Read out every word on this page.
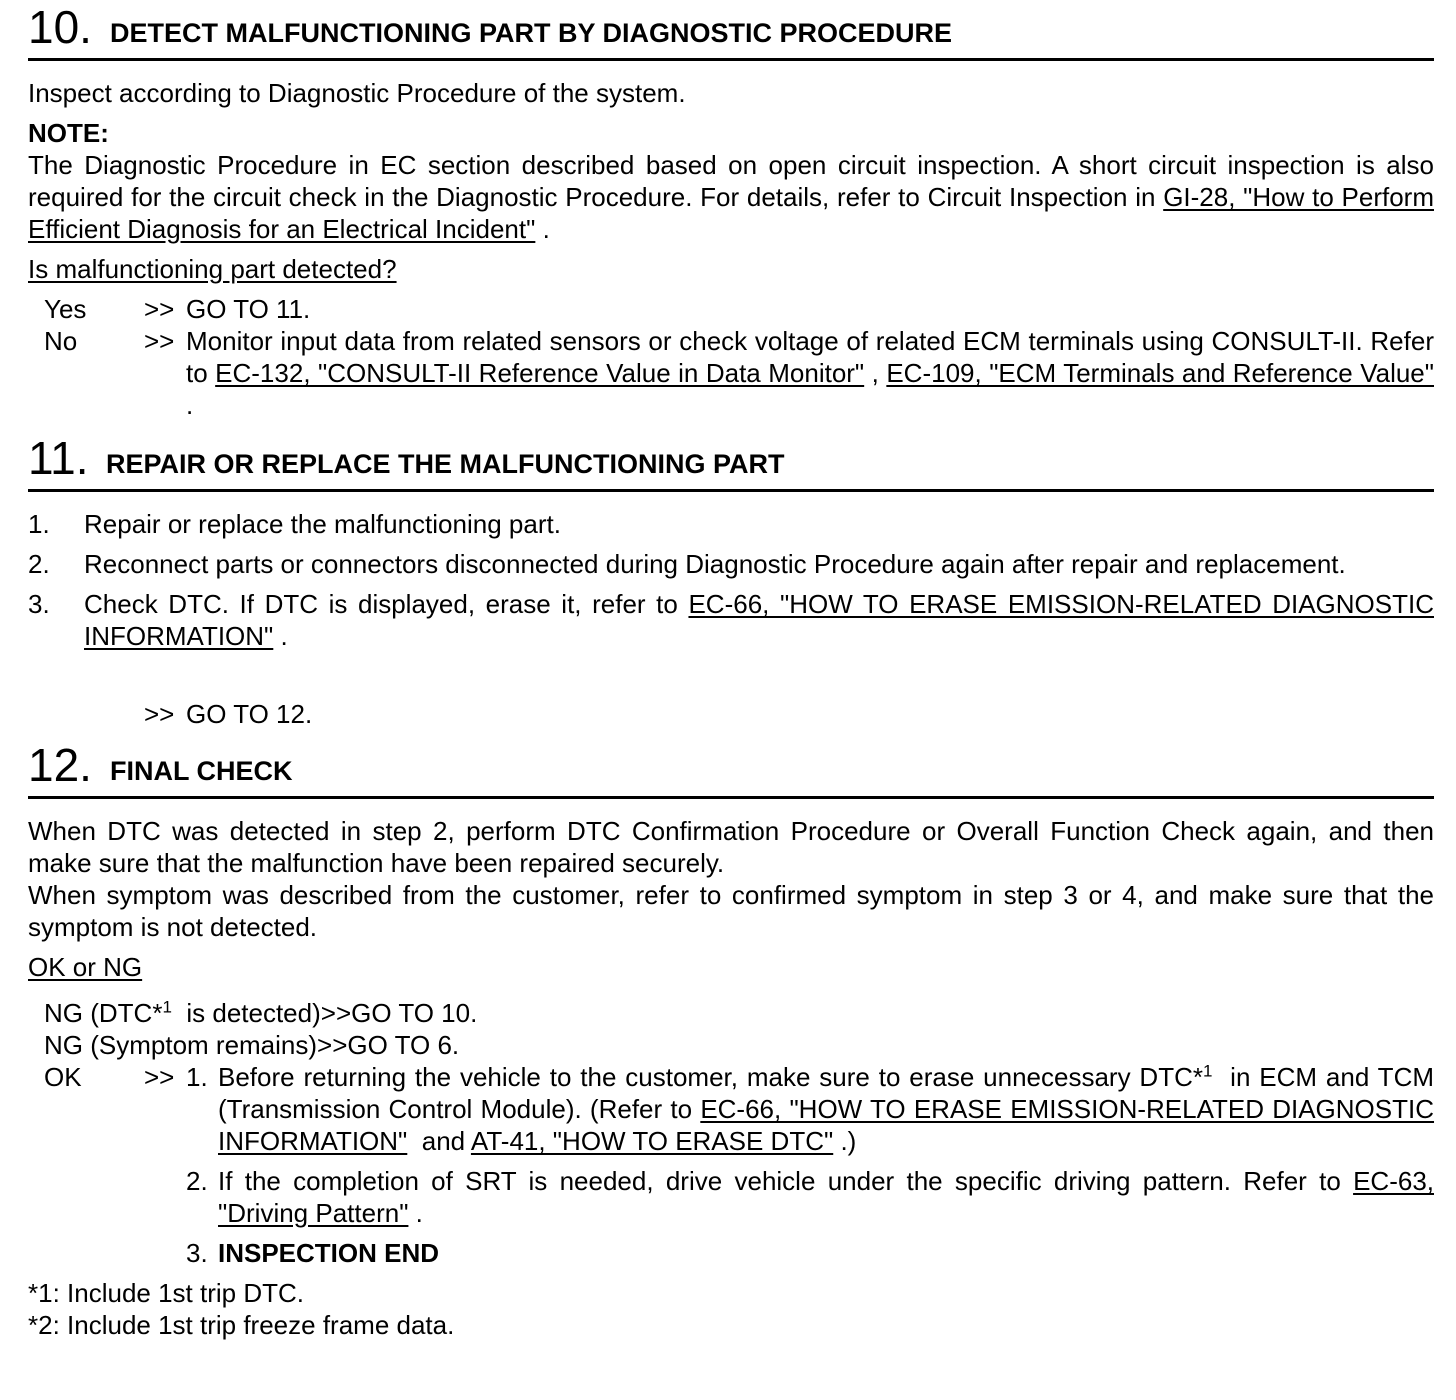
10. DETECT MALFUNCTIONING PART BY DIAGNOSTIC PROCEDURE

Inspect according to Diagnostic Procedure of the system.

NOTE:

The Diagnostic Procedure in EC section described based on open circuit inspection. A short circuit inspection is also required for the circuit check in the Diagnostic Procedure. For details, refer to Circuit Inspection in GI-28, "How to Perform Efficient Diagnosis for an Electrical Incident" .

Is malfunctioning part detected?

Yes	>> GO TO 11.
No	>> Monitor input data from related sensors or check voltage of related ECM terminals using CONSULT-II. Refer to EC-132, "CONSULT-II Reference Value in Data Monitor" , EC-109, "ECM Terminals and Reference Value" .
11. REPAIR OR REPLACE THE MALFUNCTIONING PART
1.	Repair or replace the malfunctioning part.
2.	Reconnect parts or connectors disconnected during Diagnostic Procedure again after repair and replacement.
3.	Check DTC. If DTC is displayed, erase it, refer to EC-66, "HOW TO ERASE EMISSION-RELATED DIAGNOSTIC INFORMATION" .
>> GO TO 12.
12. FINAL CHECK

When DTC was detected in step 2, perform DTC Confirmation Procedure or Overall Function Check again, and then make sure that the malfunction have been repaired securely.

When symptom was described from the customer, refer to confirmed symptom in step 3 or 4, and make sure that the symptom is not detected.

OK or NG

NG (DTC*$^1$  is detected)>>GO TO 10.

NG (Symptom remains)>>GO TO 6.

OK	>> 1. Before returning the vehicle to the customer, make sure to erase unnecessary DTC*$^1$  in ECM and TCM (Transmission Control Module). (Refer to EC-66, "HOW TO ERASE EMISSION-RELATED DIAGNOSTIC INFORMATION"  and AT-41, "HOW TO ERASE DTC" .)
2. If the completion of SRT is needed, drive vehicle under the specific driving pattern. Refer to EC-63, "Driving Pattern" .
3. INSPECTION END

*1: Include 1st trip DTC.

*2: Include 1st trip freeze frame data.
